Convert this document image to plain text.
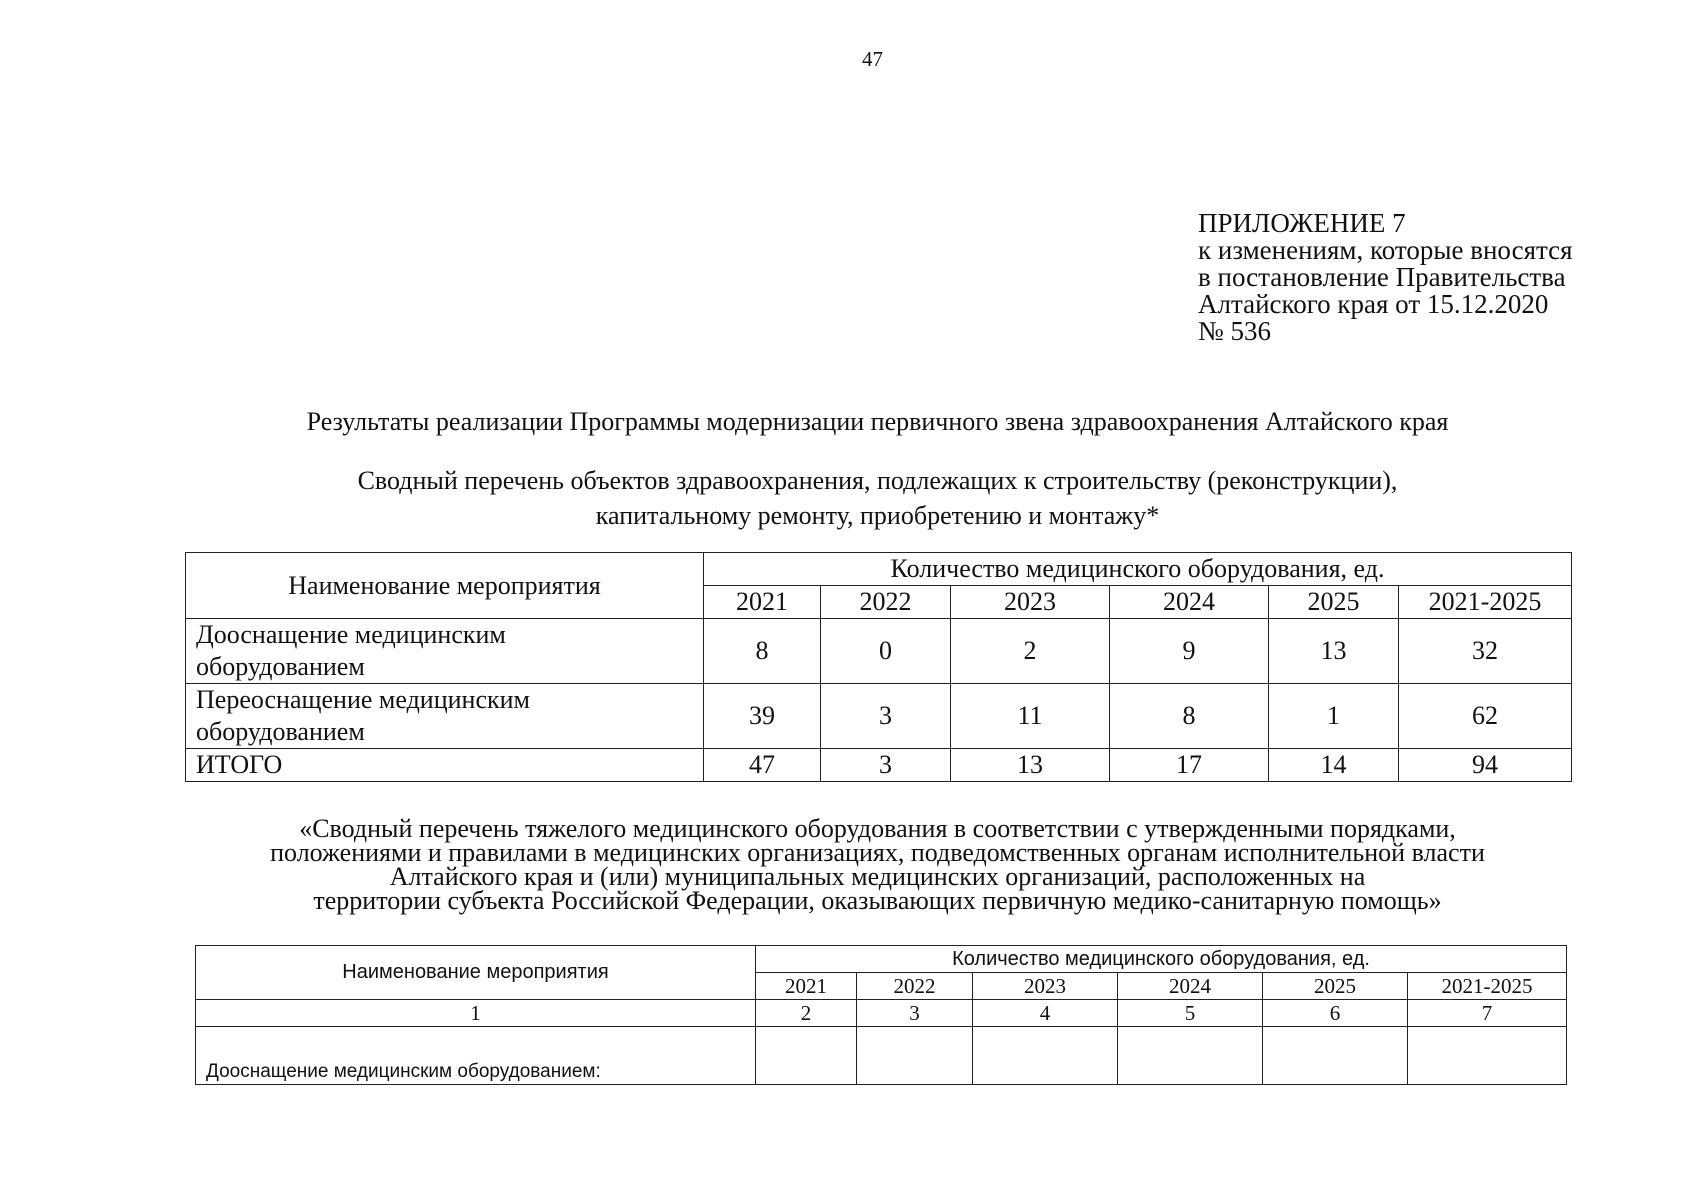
47
ПРИЛОЖЕНИЕ 7
к изменениям, которые вносятся
в постановление Правительства
Алтайского края от 15.12.2020
№ 536
Результаты реализации Программы модернизации первичного звена здравоохранения Алтайского края
Сводный перечень объектов здравоохранения, подлежащих к строительству (реконструкции),
капитальному ремонту, приобретению и монтажу*
Наименование мероприятия	Количество медицинского оборудования, ед.					
	2021	2022	2023	2024	2025	2021-2025

Дооснащение медицинским
оборудованием	8	0	2	9	13	32

Переоснащение медицинским
оборудованием	39	3	11	8	1	62
ИТОГО	47	3	13	17	14	94
«Сводный перечень тяжелого медицинского оборудования в соответствии с утвержденными порядками,
положениями и правилами в медицинских организациях, подведомственных органам исполнительной власти
Алтайского края и (или) муниципальных медицинских организаций, расположенных на
территории субъекта Российской Федерации, оказывающих первичную медико-санитарную помощь»
Наименование мероприятия	Количество медицинского оборудования, ед.					
	2021	2022	2023	2024	2025	2021-2025
1	2	3	4	5	6	7
Дооснащение медицинским оборудованием:						
